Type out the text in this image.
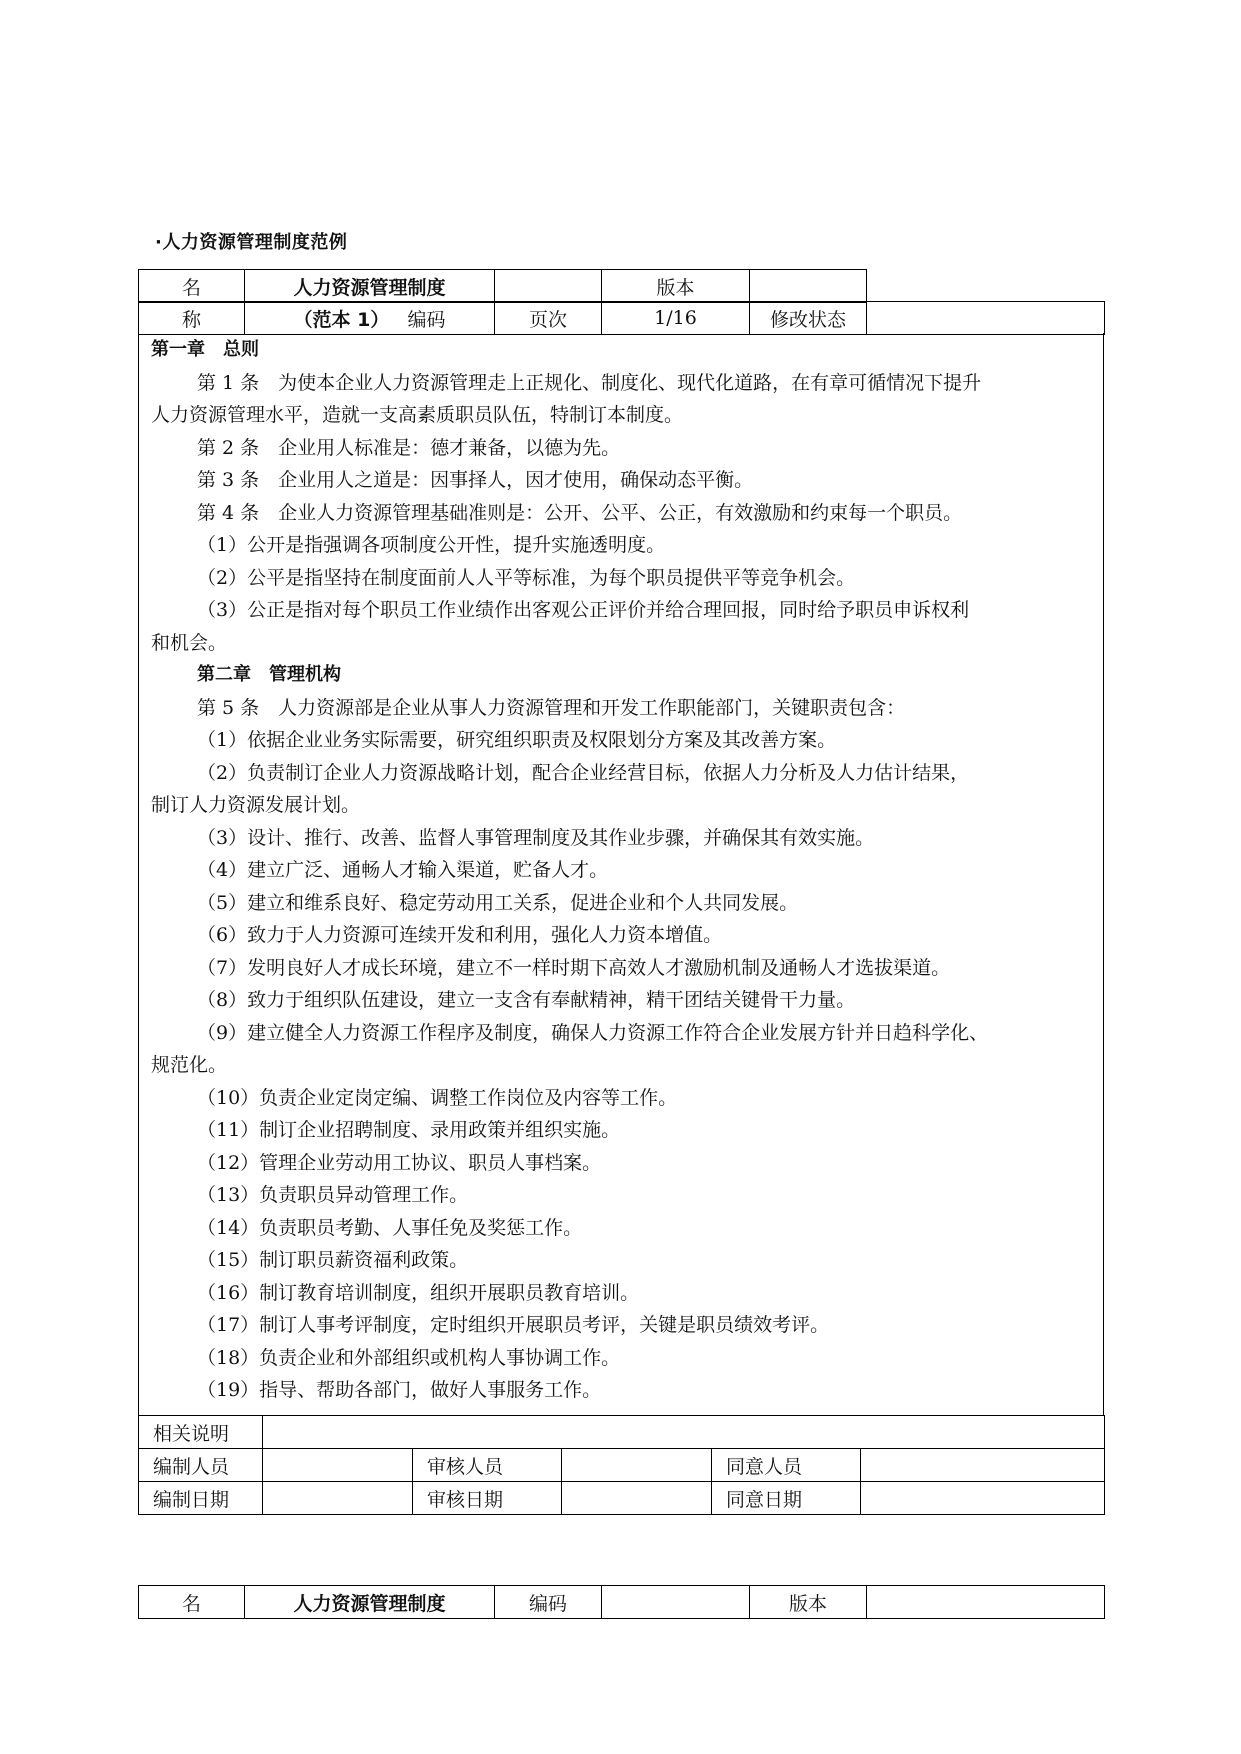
·人力资源管理制度范例
名	人力资源管理制度		版本	
称	（范本 1） 编码	页次	1/16	修改状态	
第一章　总则
第 1 条　为使本企业人力资源管理走上正规化、制度化、现代化道路，在有章可循情况下提升
人力资源管理水平，造就一支高素质职员队伍，特制订本制度。
第 2 条　企业用人标准是：德才兼备，以德为先。
第 3 条　企业用人之道是：因事择人，因才使用，确保动态平衡。
第 4 条　企业人力资源管理基础准则是：公开、公平、公正，有效激励和约束每一个职员。
（1）公开是指强调各项制度公开性，提升实施透明度。
（2）公平是指坚持在制度面前人人平等标准，为每个职员提供平等竞争机会。
（3）公正是指对每个职员工作业绩作出客观公正评价并给合理回报，同时给予职员申诉权利
和机会。
第二章　管理机构
第 5 条　人力资源部是企业从事人力资源管理和开发工作职能部门，关键职责包含：
（1）依据企业业务实际需要，研究组织职责及权限划分方案及其改善方案。
（2）负责制订企业人力资源战略计划，配合企业经营目标，依据人力分析及人力估计结果，
制订人力资源发展计划。
（3）设计、推行、改善、监督人事管理制度及其作业步骤，并确保其有效实施。
（4）建立广泛、通畅人才输入渠道，贮备人才。
（5）建立和维系良好、稳定劳动用工关系，促进企业和个人共同发展。
（6）致力于人力资源可连续开发和利用，强化人力资本增值。
（7）发明良好人才成长环境，建立不一样时期下高效人才激励机制及通畅人才选拔渠道。
（8）致力于组织队伍建设，建立一支含有奉献精神，精干团结关键骨干力量。
（9）建立健全人力资源工作程序及制度，确保人力资源工作符合企业发展方针并日趋科学化、
规范化。
（10）负责企业定岗定编、调整工作岗位及内容等工作。
（11）制订企业招聘制度、录用政策并组织实施。
（12）管理企业劳动用工协议、职员人事档案。
（13）负责职员异动管理工作。
（14）负责职员考勤、人事任免及奖惩工作。
（15）制订职员薪资福利政策。
（16）制订教育培训制度，组织开展职员教育培训。
（17）制订人事考评制度，定时组织开展职员考评，关键是职员绩效考评。
（18）负责企业和外部组织或机构人事协调工作。
（19）指导、帮助各部门，做好人事服务工作。
相关说明					
编制人员		审核人员		同意人员	
编制日期		审核日期		同意日期	
名	人力资源管理制度	编码		版本	
